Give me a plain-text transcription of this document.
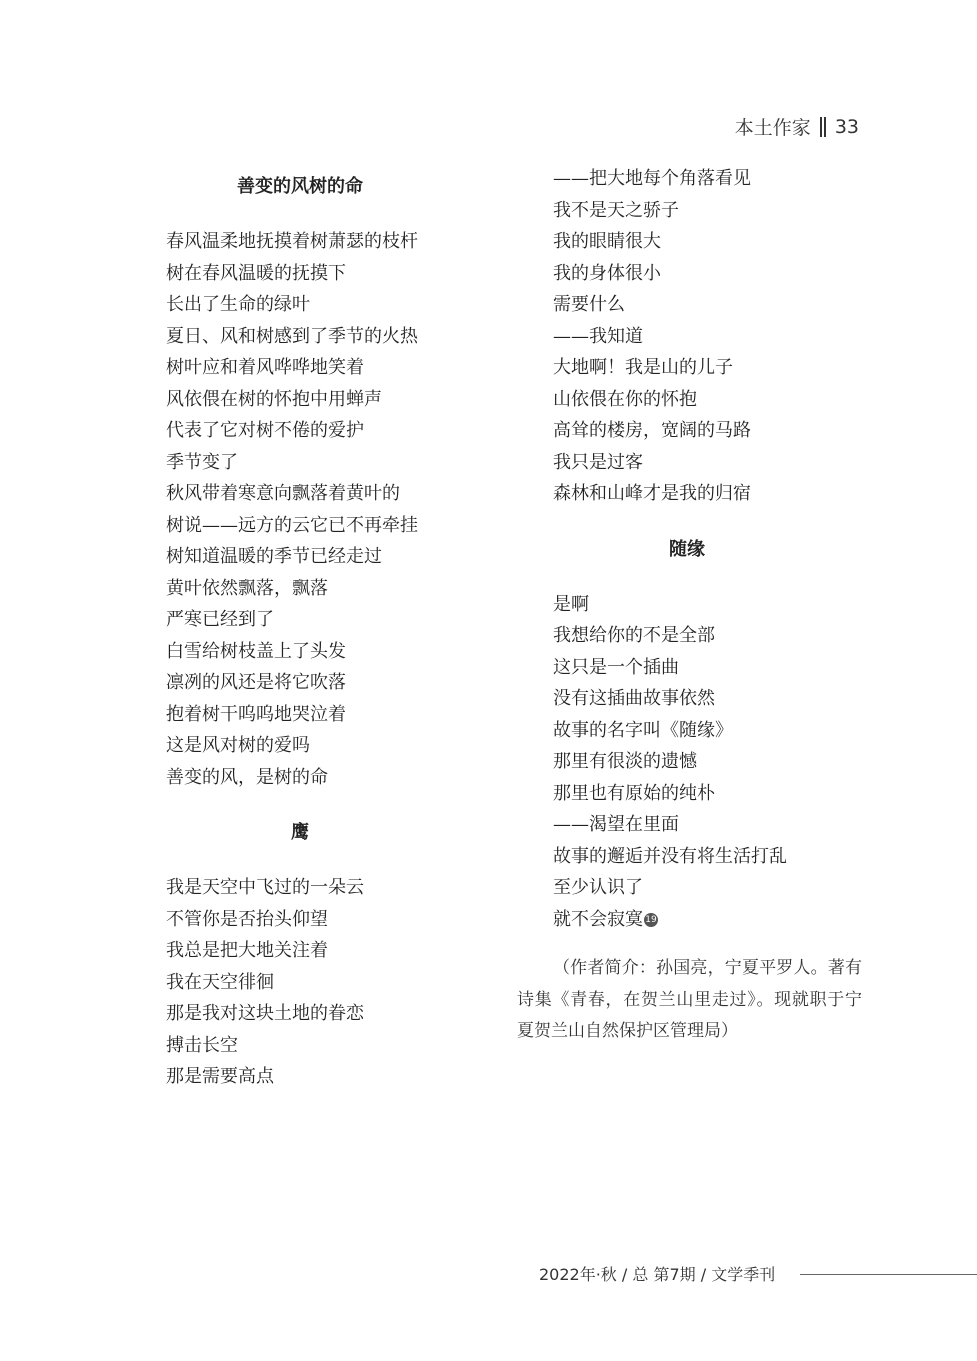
本土作家 33
善变的风树的命

春风温柔地抚摸着树萧瑟的枝杆

树在春风温暖的抚摸下

长出了生命的绿叶

夏日、风和树感到了季节的火热

树叶应和着风哗哗地笑着

风依偎在树的怀抱中用蝉声

代表了它对树不倦的爱护

季节变了

秋风带着寒意向飘落着黄叶的

树说——远方的云它已不再牵挂

树知道温暖的季节已经走过

黄叶依然飘落，飘落

严寒已经到了

白雪给树枝盖上了头发

凛冽的风还是将它吹落

抱着树干呜呜地哭泣着

这是风对树的爱吗

善变的风，是树的命

鹰

我是天空中飞过的一朵云

不管你是否抬头仰望

我总是把大地关注着

我在天空徘徊

那是我对这块土地的眷恋

搏击长空

那是需要高点

——把大地每个角落看见

我不是天之骄子

我的眼睛很大

我的身体很小

需要什么

——我知道

大地啊！我是山的儿子

山依偎在你的怀抱

高耸的楼房，宽阔的马路

我只是过客

森林和山峰才是我的归宿

随缘

是啊

我想给你的不是全部

这只是一个插曲

没有这插曲故事依然

故事的名字叫《随缘》

那里有很淡的遗憾

那里也有原始的纯朴

——渴望在里面

故事的邂逅并没有将生活打乱

至少认识了

就不会寂寞 19

（作者简介：孙国亮，宁夏平罗人。著有诗集《青春，在贺兰山里走过》。现就职于宁夏贺兰山自然保护区管理局）

2022年·秋 / 总 第7期 / 文学季刊
